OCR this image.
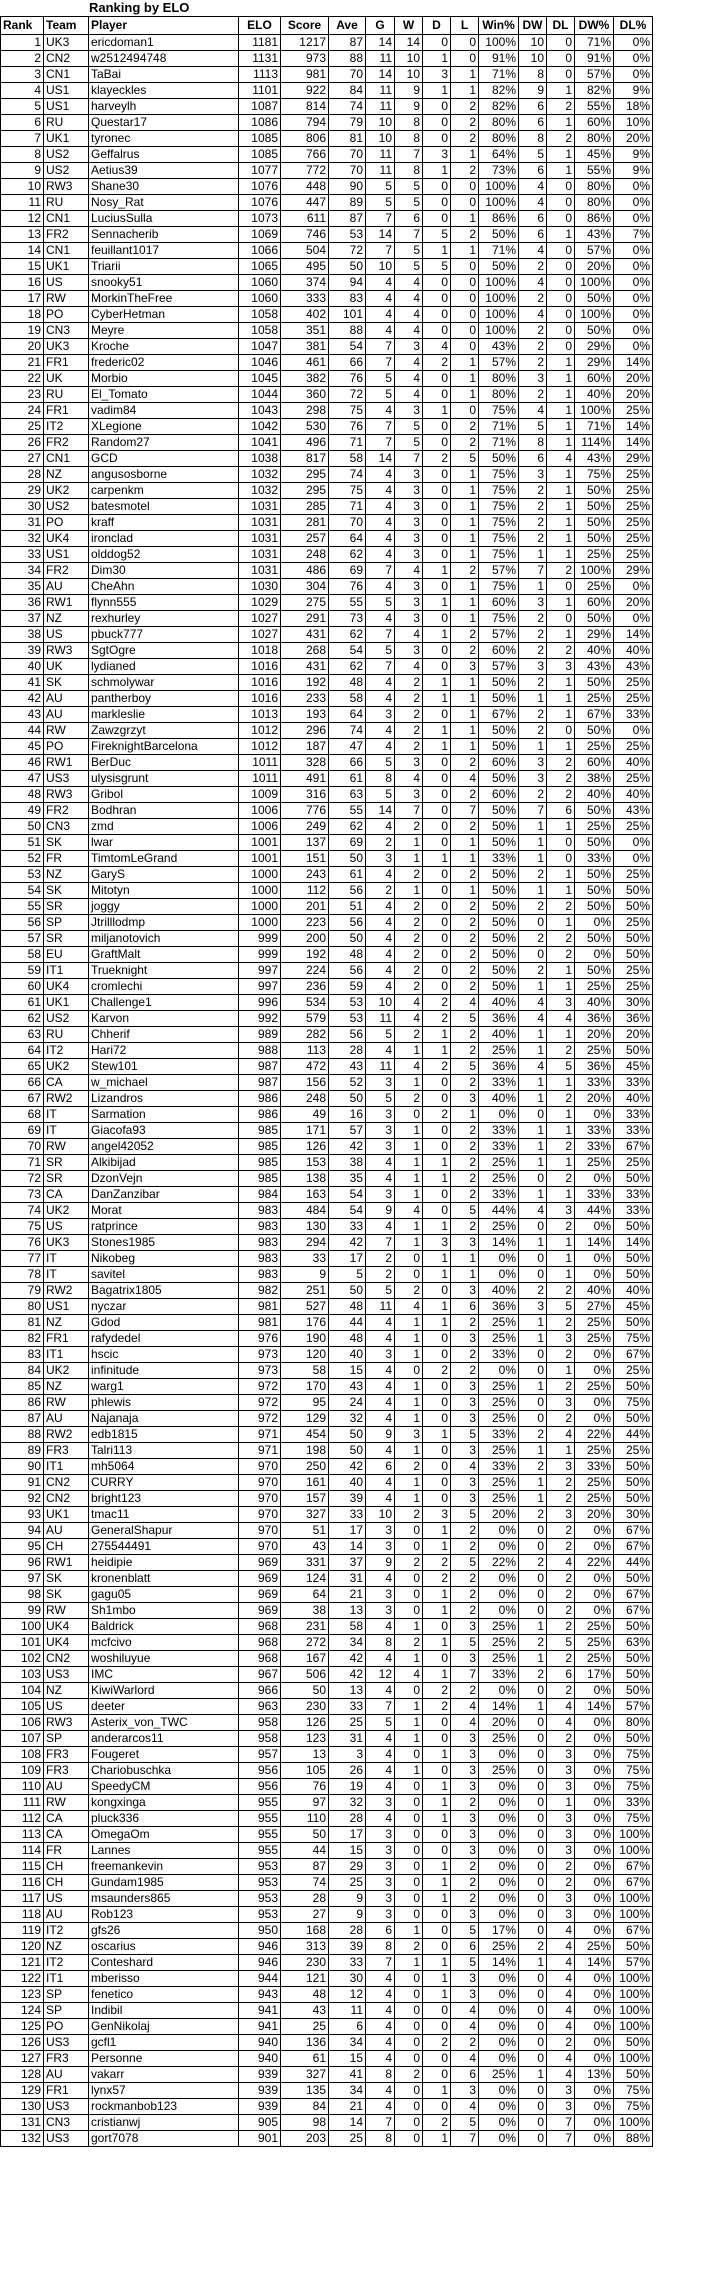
Ranking by ELO
Rank	Team	Player	ELO	Score	Ave	G	W	D	L	Win%	DW	DL	DW%	DL%
1	UK3	ericdoman1	1181	1217	87	14	14	0	0	100%	10	0	71%	0%
2	CN2	w2512494748	1131	973	88	11	10	1	0	91%	10	0	91%	0%
3	CN1	TaBai	1113	981	70	14	10	3	1	71%	8	0	57%	0%
4	US1	klayeckles	1101	922	84	11	9	1	1	82%	9	1	82%	9%
5	US1	harveylh	1087	814	74	11	9	0	2	82%	6	2	55%	18%
6	RU	Questar17	1086	794	79	10	8	0	2	80%	6	1	60%	10%
7	UK1	tyronec	1085	806	81	10	8	0	2	80%	8	2	80%	20%
8	US2	Geffalrus	1085	766	70	11	7	3	1	64%	5	1	45%	9%
9	US2	Aetius39	1077	772	70	11	8	1	2	73%	6	1	55%	9%
10	RW3	Shane30	1076	448	90	5	5	0	0	100%	4	0	80%	0%
11	RU	Nosy_Rat	1076	447	89	5	5	0	0	100%	4	0	80%	0%
12	CN1	LuciusSulla	1073	611	87	7	6	0	1	86%	6	0	86%	0%
13	FR2	Sennacherib	1069	746	53	14	7	5	2	50%	6	1	43%	7%
14	CN1	feuillant1017	1066	504	72	7	5	1	1	71%	4	0	57%	0%
15	UK1	Triarii	1065	495	50	10	5	5	0	50%	2	0	20%	0%
16	US	snooky51	1060	374	94	4	4	0	0	100%	4	0	100%	0%
17	RW	MorkinTheFree	1060	333	83	4	4	0	0	100%	2	0	50%	0%
18	PO	CyberHetman	1058	402	101	4	4	0	0	100%	4	0	100%	0%
19	CN3	Meyre	1058	351	88	4	4	0	0	100%	2	0	50%	0%
20	UK3	Kroche	1047	381	54	7	3	4	0	43%	2	0	29%	0%
21	FR1	frederic02	1046	461	66	7	4	2	1	57%	2	1	29%	14%
22	UK	Morbio	1045	382	76	5	4	0	1	80%	3	1	60%	20%
23	RU	El_Tomato	1044	360	72	5	4	0	1	80%	2	1	40%	20%
24	FR1	vadim84	1043	298	75	4	3	1	0	75%	4	1	100%	25%
25	IT2	XLegione	1042	530	76	7	5	0	2	71%	5	1	71%	14%
26	FR2	Random27	1041	496	71	7	5	0	2	71%	8	1	114%	14%
27	CN1	GCD	1038	817	58	14	7	2	5	50%	6	4	43%	29%
28	NZ	angusosborne	1032	295	74	4	3	0	1	75%	3	1	75%	25%
29	UK2	carpenkm	1032	295	75	4	3	0	1	75%	2	1	50%	25%
30	US2	batesmotel	1031	285	71	4	3	0	1	75%	2	1	50%	25%
31	PO	kraff	1031	281	70	4	3	0	1	75%	2	1	50%	25%
32	UK4	ironclad	1031	257	64	4	3	0	1	75%	2	1	50%	25%
33	US1	olddog52	1031	248	62	4	3	0	1	75%	1	1	25%	25%
34	FR2	Dim30	1031	486	69	7	4	1	2	57%	7	2	100%	29%
35	AU	CheAhn	1030	304	76	4	3	0	1	75%	1	0	25%	0%
36	RW1	flynn555	1029	275	55	5	3	1	1	60%	3	1	60%	20%
37	NZ	rexhurley	1027	291	73	4	3	0	1	75%	2	0	50%	0%
38	US	pbuck777	1027	431	62	7	4	1	2	57%	2	1	29%	14%
39	RW3	SgtOgre	1018	268	54	5	3	0	2	60%	2	2	40%	40%
40	UK	lydianed	1016	431	62	7	4	0	3	57%	3	3	43%	43%
41	SK	schmolywar	1016	192	48	4	2	1	1	50%	2	1	50%	25%
42	AU	pantherboy	1016	233	58	4	2	1	1	50%	1	1	25%	25%
43	AU	markleslie	1013	193	64	3	2	0	1	67%	2	1	67%	33%
44	RW	Zawzgrzyt	1012	296	74	4	2	1	1	50%	2	0	50%	0%
45	PO	FireknightBarcelona	1012	187	47	4	2	1	1	50%	1	1	25%	25%
46	RW1	BerDuc	1011	328	66	5	3	0	2	60%	3	2	60%	40%
47	US3	ulysisgrunt	1011	491	61	8	4	0	4	50%	3	2	38%	25%
48	RW3	Gribol	1009	316	63	5	3	0	2	60%	2	2	40%	40%
49	FR2	Bodhran	1006	776	55	14	7	0	7	50%	7	6	50%	43%
50	CN3	zmd	1006	249	62	4	2	0	2	50%	1	1	25%	25%
51	SK	lwar	1001	137	69	2	1	0	1	50%	1	0	50%	0%
52	FR	TimtomLeGrand	1001	151	50	3	1	1	1	33%	1	0	33%	0%
53	NZ	GaryS	1000	243	61	4	2	0	2	50%	2	1	50%	25%
54	SK	Mitotyn	1000	112	56	2	1	0	1	50%	1	1	50%	50%
55	SR	joggy	1000	201	51	4	2	0	2	50%	2	2	50%	50%
56	SP	Jtrilllodmp	1000	223	56	4	2	0	2	50%	0	1	0%	25%
57	SR	miljanotovich	999	200	50	4	2	0	2	50%	2	2	50%	50%
58	EU	GraftMalt	999	192	48	4	2	0	2	50%	0	2	0%	50%
59	IT1	Trueknight	997	224	56	4	2	0	2	50%	2	1	50%	25%
60	UK4	cromlechi	997	236	59	4	2	0	2	50%	1	1	25%	25%
61	UK1	Challenge1	996	534	53	10	4	2	4	40%	4	3	40%	30%
62	US2	Karvon	992	579	53	11	4	2	5	36%	4	4	36%	36%
63	RU	Chherif	989	282	56	5	2	1	2	40%	1	1	20%	20%
64	IT2	Hari72	988	113	28	4	1	1	2	25%	1	2	25%	50%
65	UK2	Stew101	987	472	43	11	4	2	5	36%	4	5	36%	45%
66	CA	w_michael	987	156	52	3	1	0	2	33%	1	1	33%	33%
67	RW2	Lizandros	986	248	50	5	2	0	3	40%	1	2	20%	40%
68	IT	Sarmation	986	49	16	3	0	2	1	0%	0	1	0%	33%
69	IT	Giacofa93	985	171	57	3	1	0	2	33%	1	1	33%	33%
70	RW	angel42052	985	126	42	3	1	0	2	33%	1	2	33%	67%
71	SR	Alkibijad	985	153	38	4	1	1	2	25%	1	1	25%	25%
72	SR	DzonVejn	985	138	35	4	1	1	2	25%	0	2	0%	50%
73	CA	DanZanzibar	984	163	54	3	1	0	2	33%	1	1	33%	33%
74	UK2	Morat	983	484	54	9	4	0	5	44%	4	3	44%	33%
75	US	ratprince	983	130	33	4	1	1	2	25%	0	2	0%	50%
76	UK3	Stones1985	983	294	42	7	1	3	3	14%	1	1	14%	14%
77	IT	Nikobeg	983	33	17	2	0	1	1	0%	0	1	0%	50%
78	IT	savitel	983	9	5	2	0	1	1	0%	0	1	0%	50%
79	RW2	Bagatrix1805	982	251	50	5	2	0	3	40%	2	2	40%	40%
80	US1	nyczar	981	527	48	11	4	1	6	36%	3	5	27%	45%
81	NZ	Gdod	981	176	44	4	1	1	2	25%	1	2	25%	50%
82	FR1	rafydedel	976	190	48	4	1	0	3	25%	1	3	25%	75%
83	IT1	hscic	973	120	40	3	1	0	2	33%	0	2	0%	67%
84	UK2	infinitude	973	58	15	4	0	2	2	0%	0	1	0%	25%
85	NZ	warg1	972	170	43	4	1	0	3	25%	1	2	25%	50%
86	RW	phlewis	972	95	24	4	1	0	3	25%	0	3	0%	75%
87	AU	Najanaja	972	129	32	4	1	0	3	25%	0	2	0%	50%
88	RW2	edb1815	971	454	50	9	3	1	5	33%	2	4	22%	44%
89	FR3	Talri113	971	198	50	4	1	0	3	25%	1	1	25%	25%
90	IT1	mh5064	970	250	42	6	2	0	4	33%	2	3	33%	50%
91	CN2	CURRY	970	161	40	4	1	0	3	25%	1	2	25%	50%
92	CN2	bright123	970	157	39	4	1	0	3	25%	1	2	25%	50%
93	UK1	tmac11	970	327	33	10	2	3	5	20%	2	3	20%	30%
94	AU	GeneralShapur	970	51	17	3	0	1	2	0%	0	2	0%	67%
95	CH	275544491	970	43	14	3	0	1	2	0%	0	2	0%	67%
96	RW1	heidipie	969	331	37	9	2	2	5	22%	2	4	22%	44%
97	SK	kronenblatt	969	124	31	4	0	2	2	0%	0	2	0%	50%
98	SK	gagu05	969	64	21	3	0	1	2	0%	0	2	0%	67%
99	RW	Sh1mbo	969	38	13	3	0	1	2	0%	0	2	0%	67%
100	UK4	Baldrick	968	231	58	4	1	0	3	25%	1	2	25%	50%
101	UK4	mcfcivo	968	272	34	8	2	1	5	25%	2	5	25%	63%
102	CN2	woshiluyue	968	167	42	4	1	0	3	25%	1	2	25%	50%
103	US3	IMC	967	506	42	12	4	1	7	33%	2	6	17%	50%
104	NZ	KiwiWarlord	966	50	13	4	0	2	2	0%	0	2	0%	50%
105	US	deeter	963	230	33	7	1	2	4	14%	1	4	14%	57%
106	RW3	Asterix_von_TWC	958	126	25	5	1	0	4	20%	0	4	0%	80%
107	SP	anderarcos11	958	123	31	4	1	0	3	25%	0	2	0%	50%
108	FR3	Fougeret	957	13	3	4	0	1	3	0%	0	3	0%	75%
109	FR3	Chariobuschka	956	105	26	4	1	0	3	25%	0	3	0%	75%
110	AU	SpeedyCM	956	76	19	4	0	1	3	0%	0	3	0%	75%
111	RW	kongxinga	955	97	32	3	0	1	2	0%	0	1	0%	33%
112	CA	pluck336	955	110	28	4	0	1	3	0%	0	3	0%	75%
113	CA	OmegaOm	955	50	17	3	0	0	3	0%	0	3	0%	100%
114	FR	Lannes	955	44	15	3	0	0	3	0%	0	3	0%	100%
115	CH	freemankevin	953	87	29	3	0	1	2	0%	0	2	0%	67%
116	CH	Gundam1985	953	74	25	3	0	1	2	0%	0	2	0%	67%
117	US	msaunders865	953	28	9	3	0	1	2	0%	0	3	0%	100%
118	AU	Rob123	953	27	9	3	0	0	3	0%	0	3	0%	100%
119	IT2	gfs26	950	168	28	6	1	0	5	17%	0	4	0%	67%
120	NZ	oscarius	946	313	39	8	2	0	6	25%	2	4	25%	50%
121	IT2	Conteshard	946	230	33	7	1	1	5	14%	1	4	14%	57%
122	IT1	mberisso	944	121	30	4	0	1	3	0%	0	4	0%	100%
123	SP	fenetico	943	48	12	4	0	1	3	0%	0	4	0%	100%
124	SP	Indibil	941	43	11	4	0	0	4	0%	0	4	0%	100%
125	PO	GenNikolaj	941	25	6	4	0	0	4	0%	0	4	0%	100%
126	US3	gcfl1	940	136	34	4	0	2	2	0%	0	2	0%	50%
127	FR3	Personne	940	61	15	4	0	0	4	0%	0	4	0%	100%
128	AU	vakarr	939	327	41	8	2	0	6	25%	1	4	13%	50%
129	FR1	lynx57	939	135	34	4	0	1	3	0%	0	3	0%	75%
130	US3	rockmanbob123	939	84	21	4	0	0	4	0%	0	3	0%	75%
131	CN3	cristianwj	905	98	14	7	0	2	5	0%	0	7	0%	100%
132	US3	gort7078	901	203	25	8	0	1	7	0%	0	7	0%	88%
